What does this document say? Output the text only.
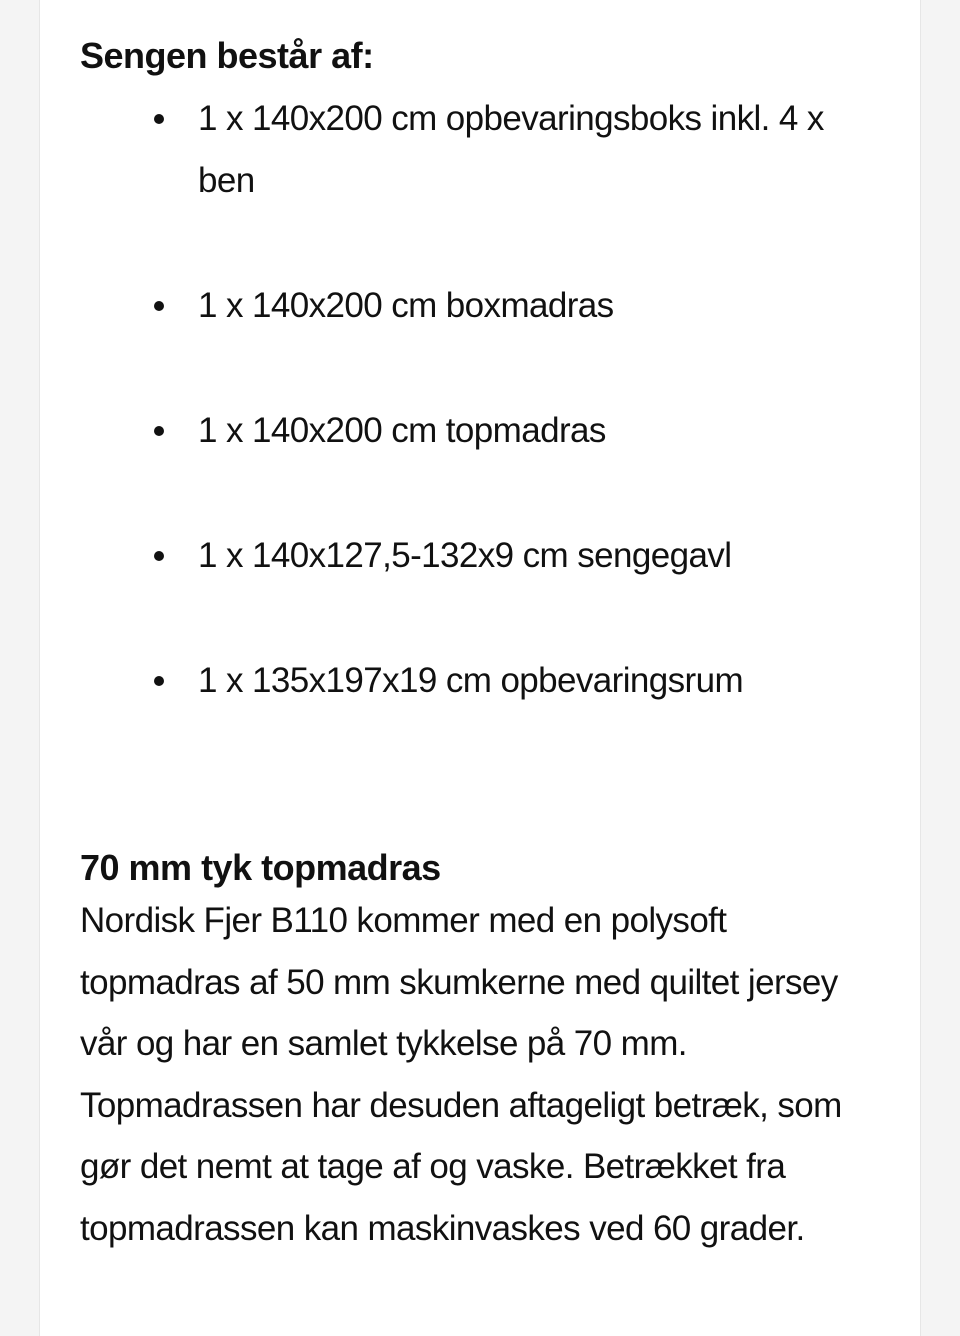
Sengen består af:
1 x 140x200 cm opbevaringsboks inkl. 4 x ben
1 x 140x200 cm boxmadras
1 x 140x200 cm topmadras
1 x 140x127,5-132x9 cm sengegavl
1 x 135x197x19 cm opbevaringsrum
70 mm tyk topmadras

Nordisk Fjer B110 kommer med en polysoft topmadras af 50 mm skumkerne med quiltet jersey vår og har en samlet tykkelse på 70 mm. Topmadrassen har desuden aftageligt betræk, som gør det nemt at tage af og vaske. Betrækket fra topmadrassen kan maskinvaskes ved 60 grader.
